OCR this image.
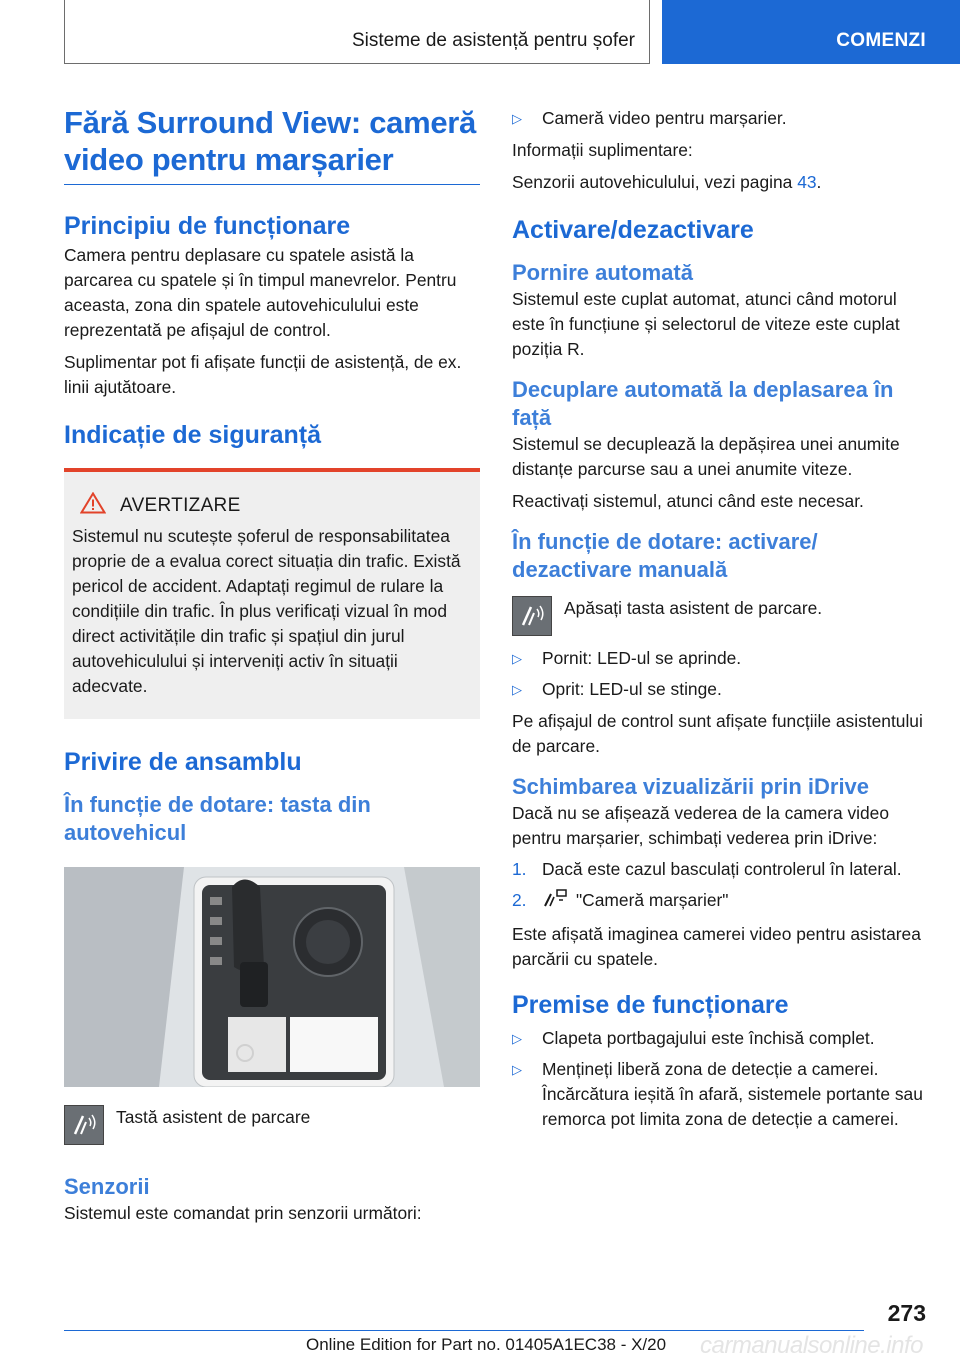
Sisteme de asistență pentru șofer	COMENZI
Fără Surround View: cameră video pentru marșarier
Principiu de funcționare

Camera pentru deplasare cu spatele asistă la parcarea cu spatele și în timpul manevrelor. Pentru aceasta, zona din spatele autovehiculului este reprezentată pe afișajul de control.

Suplimentar pot fi afișate funcții de asistență, de ex. linii ajutătoare.

Indicație de siguranță
AVERTIZARE

Sistemul nu scutește șoferul de responsabilitatea proprie de a evalua corect situația din trafic. Există pericol de accident. Adaptați regimul de rulare la condițiile din trafic. În plus verificați vizual în mod direct activitățile din trafic și spațiul din jurul autovehiculului și interveniți activ în situații adecvate.

Privire de ansamblu
În funcție de dotare: tasta din autovehicul

Tastă asistent de parcare

Senzorii

Sistemul este comandat prin senzorii următori:

▷ Cameră video pentru marșarier.

Informații suplimentare:

Senzorii autovehiculului, vezi pagina 43.

Activare/dezactivare
Pornire automată

Sistemul este cuplat automat, atunci când motorul este în funcțiune și selectorul de viteze este cuplat poziția R.

Decuplare automată la deplasarea în față

Sistemul se decuplează la depășirea unei anumite distanțe parcurse sau a unei anumite viteze.

Reactivați sistemul, atunci când este necesar.

În funcție de dotare: activare/ dezactivare manuală

Apăsați tasta asistent de parcare.

▷ Pornit: LED-ul se aprinde.
▷ Oprit: LED-ul se stinge.

Pe afișajul de control sunt afișate funcțiile asistentului de parcare.

Schimbarea vizualizării prin iDrive

Dacă nu se afișează vederea de la camera video pentru marșarier, schimbați vederea prin iDrive:

1. Dacă este cazul basculați controlerul în lateral.
2.	"Cameră marșarier"

Este afișată imaginea camerei video pentru asistarea parcării cu spatele.

Premise de funcționare
▷ Clapeta portbagajului este închisă complet.
▷ Mențineți liberă zona de detecție a camerei. Încărcătura ieșită în afară, sistemele portante sau remorca pot limita zona de detecție a camerei.
273
Online Edition for Part no. 01405A1EC38 - X/20 carmanualsonline.info
